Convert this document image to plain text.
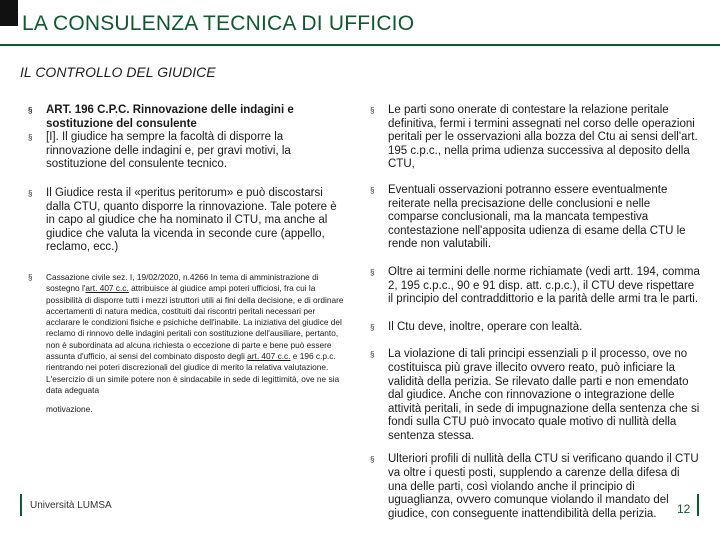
LA CONSULENZA TECNICA DI UFFICIO
IL CONTROLLO DEL GIUDICE
§ ART. 196 C.P.C. Rinnovazione delle indagini e sostituzione del consulente
§ [I]. Il giudice ha sempre la facoltà di disporre la rinnovazione delle indagini e, per gravi motivi, la sostituzione del consulente tecnico.
§ Il Giudice resta il «peritus peritorum» e può discostarsi dalla CTU, quanto disporre la rinnovazione. Tale potere è in capo al giudice che ha nominato il CTU, ma anche al giudice che valuta la vicenda in seconde cure (appello, reclamo, ecc.)
§ Cassazione civile sez. I, 19/02/2020, n.4266 In tema di amministrazione di sostegno l'art. 407 c.c. attribuisce al giudice ampi poteri ufficiosi, fra cui la possibilità di disporre tutti i mezzi istruttori utili ai fini della decisione, e di ordinare accertamenti di natura medica, costituiti dai riscontri peritali necessari per acclarare le condizioni fisiche e psichiche dell'inabile. La iniziativa del giudice del reclamo di rinnovo delle indagini peritali con sostituzione dell'ausiliare, pertanto, non è subordinata ad alcuna richiesta o eccezione di parte e bene può essere assunta d'ufficio, ai sensi del combinato disposto degli art. 407 c.c. e 196 c.p.c. rientrando nei poteri discrezionali del giudice di merito la relativa valutazione. L'esercizio di un simile potere non è sindacabile in sede di legittimità, ove ne sia data adeguata
motivazione.
§ Le parti sono onerate di contestare la relazione peritale definitiva, fermi i termini assegnati nel corso delle operazioni peritali per le osservazioni alla bozza del Ctu ai sensi dell'art. 195 c.p.c., nella prima udienza successiva al deposito della CTU,
§ Eventuali osservazioni potranno essere eventualmente reiterate nella precisazione delle conclusioni e nelle comparse conclusionali, ma la mancata tempestiva contestazione nell'apposita udienza di esame della CTU le rende non valutabili.
§ Oltre ai termini delle norme richiamate (vedi artt. 194, comma 2, 195 c.p.c., 90 e 91 disp. att. c.p.c.), il CTU deve rispettare il principio del contraddittorio e la parità delle armi tra le parti.
§ Il Ctu deve, inoltre, operare con lealtà.
§ La violazione di tali principi essenziali p il processo, ove no costituisca più grave illecito ovvero reato, può inficiare la validità della perizia. Se rilevato dalle parti e non emendato dal giudice. Anche con rinnovazione o integrazione delle attività peritali, in sede di impugnazione della sentenza che si fondi sulla CTU può invocato quale motivo di nullità della sentenza stessa.
§ Ulteriori profili di nullità della CTU si verificano quando il CTU va oltre i questi posti, supplendo a carenze della difesa di una delle parti, così violando anche il principio di uguaglianza, ovvero comunque violando il mandato del giudice, con conseguente inattendibilità della perizia.
Università LUMSA	12
